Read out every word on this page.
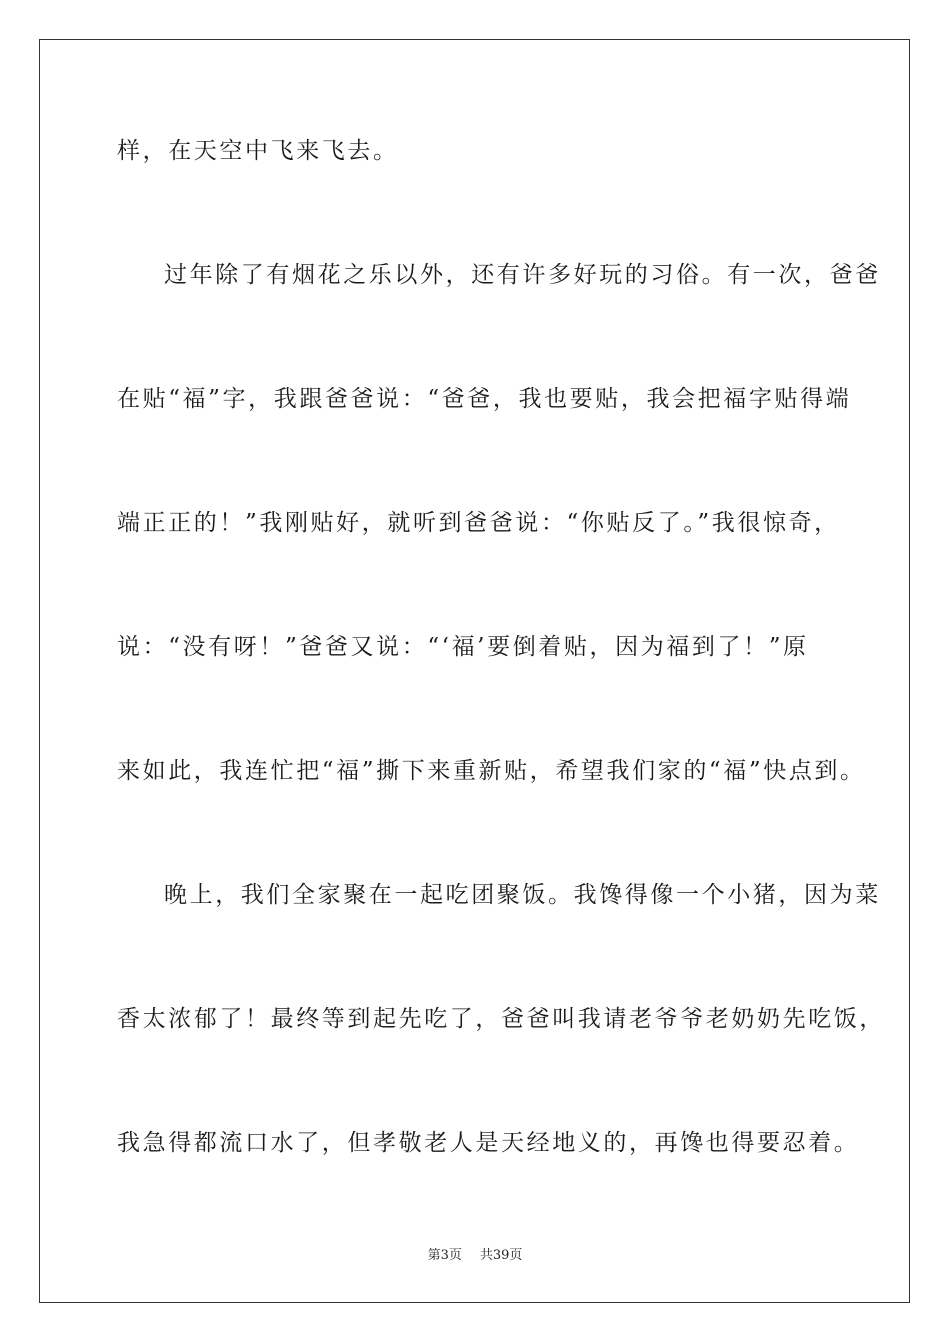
样，在天空中飞来飞去。
过年除了有烟花之乐以外，还有许多好玩的习俗。有一次，爸爸
在贴“福”字，我跟爸爸说：“爸爸，我也要贴，我会把福字贴得端
端正正的！”我刚贴好，就听到爸爸说：“你贴反了。”我很惊奇，
说：“没有呀！”爸爸又说：“‘福’要倒着贴，因为福到了！”原
来如此，我连忙把“福”撕下来重新贴，希望我们家的“福”快点到。
晚上，我们全家聚在一起吃团聚饭。我馋得像一个小猪，因为菜
香太浓郁了！最终等到起先吃了，爸爸叫我请老爷爷老奶奶先吃饭，
我急得都流口水了，但孝敬老人是天经地义的，再馋也得要忍着。
第3页 共39页
